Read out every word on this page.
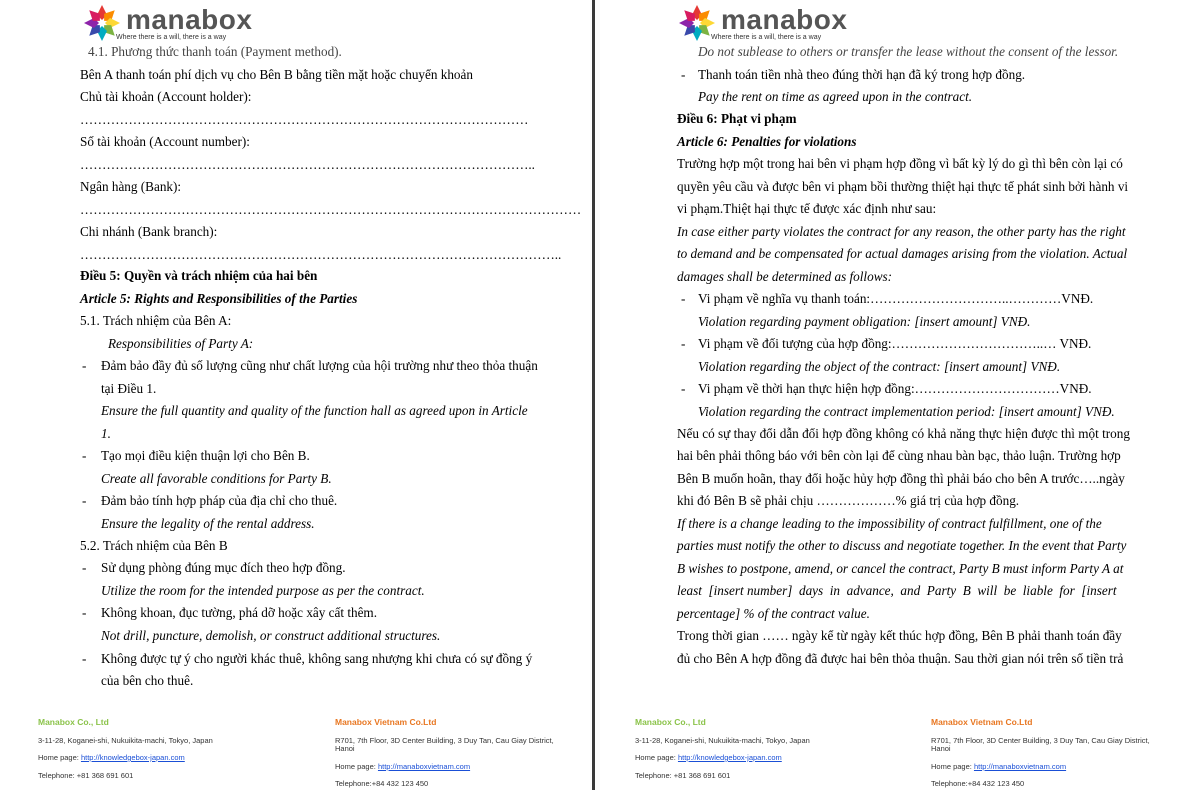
manabox
Where there is a will, there is a way
4.1. Phương thức thanh toán (Payment method).
Bên A thanh toán phí dịch vụ cho Bên B bằng tiền mặt hoặc chuyển khoản
Chủ tài khoản (Account holder):
…………………………………………………………………………………………
Số tài khoản (Account number):
…………………………………………………………………………………………..
Ngân hàng (Bank):
……………………………………………………………………………………………………
Chi nhánh (Bank branch):
………………………………………………………………………………………………..
Điều 5: Quyền và trách nhiệm của hai bên
Article 5: Rights and Responsibilities of the Parties
5.1. Trách nhiệm của Bên A:
Responsibilities of Party A:
- Đảm bảo đầy đủ số lượng cũng như chất lượng của hội trường như theo thỏa thuận
tại Điều 1.
Ensure the full quantity and quality of the function hall as agreed upon in Article
1.
- Tạo mọi điều kiện thuận lợi cho Bên B.
Create all favorable conditions for Party B.
- Đảm bảo tính hợp pháp của địa chỉ cho thuê.
Ensure the legality of the rental address.
5.2. Trách nhiệm của Bên B
- Sử dụng phòng đúng mục đích theo hợp đồng.
Utilize the room for the intended purpose as per the contract.
- Không khoan, đục tường, phá dỡ hoặc xây cất thêm.
Not drill, puncture, demolish, or construct additional structures.
- Không được tự ý cho người khác thuê, không sang nhượng khi chưa có sự đồng ý
của bên cho thuê.
Manabox Co., Ltd
3-11-28, Koganei-shi, Nukuikita-machi, Tokyo, Japan
Home page: http://knowledgebox-japan.com
Telephone: +81 368 691 601
Manabox Vietnam Co.Ltd
R701, 7th Floor, 3D Center Building, 3 Duy Tan, Cau Giay District,
Hanoi
Home page: http://manaboxvietnam.com
Telephone:+84 432 123 450
manabox
Where there is a will, there is a way
Do not sublease to others or transfer the lease without the consent of the lessor.
- Thanh toán tiền nhà theo đúng thời hạn đã ký trong hợp đồng.
Pay the rent on time as agreed upon in the contract.
Điều 6: Phạt vi phạm
Article 6: Penalties for violations
Trường hợp một trong hai bên vi phạm hợp đồng vì bất kỳ lý do gì thì bên còn lại có
quyền yêu cầu và được bên vi phạm bồi thường thiệt hại thực tế phát sinh bởi hành vi
vi phạm.Thiệt hại thực tế được xác định như sau:
In case either party violates the contract for any reason, the other party has the right
to demand and be compensated for actual damages arising from the violation. Actual
damages shall be determined as follows:
- Vi phạm về nghĩa vụ thanh toán:…………………………..…………VNĐ.
Violation regarding payment obligation: [insert amount] VNĐ.
- Vi phạm về đối tượng của hợp đồng:……………………………..… VNĐ.
Violation regarding the object of the contract: [insert amount] VNĐ.
- Vi phạm về thời hạn thực hiện hợp đồng:……………………………VNĐ.
Violation regarding the contract implementation period: [insert amount] VNĐ.
Nếu có sự thay đổi dẫn đổi hợp đồng không có khả năng thực hiện được thì một trong
hai bên phải thông báo với bên còn lại để cùng nhau bàn bạc, thảo luận. Trường hợp
Bên B muốn hoãn, thay đổi hoặc hủy hợp đồng thì phải báo cho bên A trước…..ngày
khi đó Bên B sẽ phải chịu ………………% giá trị của hợp đồng.
If there is a change leading to the impossibility of contract fulfillment, one of the
parties must notify the other to discuss and negotiate together. In the event that Party
B wishes to postpone, amend, or cancel the contract, Party B must inform Party A at
least  [insert number]  days  in  advance,  and  Party  B  will  be  liable  for  [insert
percentage] % of the contract value.
Trong thời gian …… ngày kể từ ngày kết thúc hợp đồng, Bên B phải thanh toán đầy
đủ cho Bên A hợp đồng đã được hai bên thỏa thuận. Sau thời gian nói trên số tiền trả
Manabox Co., Ltd
3-11-28, Koganei-shi, Nukuikita-machi, Tokyo, Japan
Home page: http://knowledgebox-japan.com
Telephone: +81 368 691 601
Manabox Vietnam Co.Ltd
R701, 7th Floor, 3D Center Building, 3 Duy Tan, Cau Giay District,
Hanoi
Home page: http://manaboxvietnam.com
Telephone:+84 432 123 450
